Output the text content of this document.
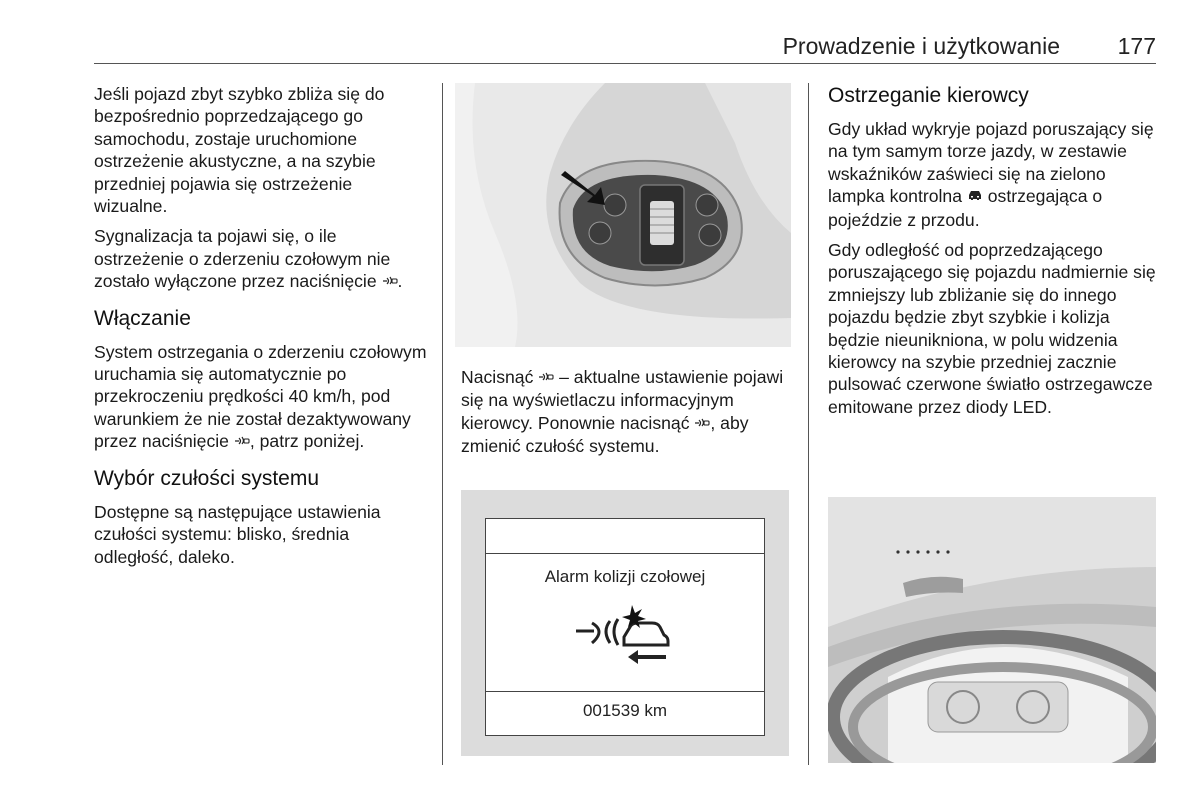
Prowadzenie i użytkowanie	177

Jeśli pojazd zbyt szybko zbliża się do bezpośrednio poprzedzającego go samochodu, zostaje uruchomione ostrzeżenie akustyczne, a na szybie przedniej pojawia się ostrzeżenie wizualne.

Sygnalizacja ta pojawi się, o ile ostrzeżenie o zderzeniu czołowym nie zostało wyłączone przez naciśnięcie .

Włączanie

System ostrzegania o zderzeniu czołowym uruchamia się automatycznie po przekroczeniu prędkości 40 km/h, pod warunkiem że nie został dezaktywowany przez naciśnięcie , patrz poniżej.

Wybór czułości systemu

Dostępne są następujące ustawienia czułości systemu: blisko, średnia odległość, daleko.

Nacisnąć  – aktualne ustawienie pojawi się na wyświetlaczu informacyjnym kierowcy. Ponownie nacisnąć , aby zmienić czułość systemu.

Alarm kolizji czołowej
001539 km
Ostrzeganie kierowcy

Gdy układ wykryje pojazd poruszający się na tym samym torze jazdy, w zestawie wskaźników zaświeci się na zielono lampka kontrolna  ostrzegająca o pojeździe z przodu.

Gdy odległość od poprzedzającego poruszającego się pojazdu nadmiernie się zmniejszy lub zbliżanie się do innego pojazdu będzie zbyt szybkie i kolizja będzie nieunikniona, w polu widzenia kierowcy na szybie przedniej zacznie pulsować czerwone światło ostrzegawcze emitowane przez diody LED.
